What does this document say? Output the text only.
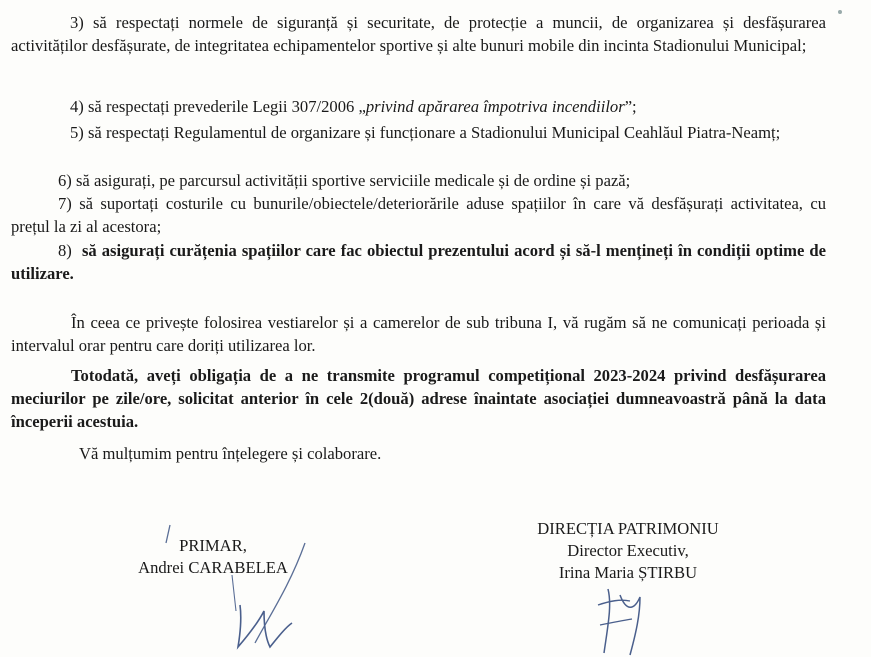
3) să respectați normele de siguranță și securitate, de protecție a muncii, de organizarea și desfășurarea activităților desfășurate, de integritatea echipamentelor sportive și alte bunuri mobile din incinta Stadionului Municipal;

4) să respectați prevederile Legii 307/2006 „privind apărarea împotriva incendiilor”;

5) să respectați Regulamentul de organizare și funcționare a Stadionului Municipal Ceahlăul Piatra-Neamț;

6) să asigurați, pe parcursul activității sportive serviciile medicale și de ordine și pază;

7) să suportați costurile cu bunurile/obiectele/deteriorările aduse spațiilor în care vă desfășurați activitatea, cu prețul la zi al acestora;

8) să asigurați curățenia spațiilor care fac obiectul prezentului acord și să-l mențineți în condiții optime de utilizare.

În ceea ce privește folosirea vestiarelor și a camerelor de sub tribuna I, vă rugăm să ne comunicați perioada și intervalul orar pentru care doriți utilizarea lor.

Totodată, aveți obligația de a ne transmite programul competițional 2023-2024 privind desfășurarea meciurilor pe zile/ore, solicitat anterior în cele 2(două) adrese înaintate asociației dumneavoastră până la data începerii acestuia.

Vă mulțumim pentru înțelegere și colaborare.

PRIMAR,
Andrei CARABELEA
DIRECȚIA PATRIMONIU
Director Executiv,
Irina Maria ȘTIRBU
